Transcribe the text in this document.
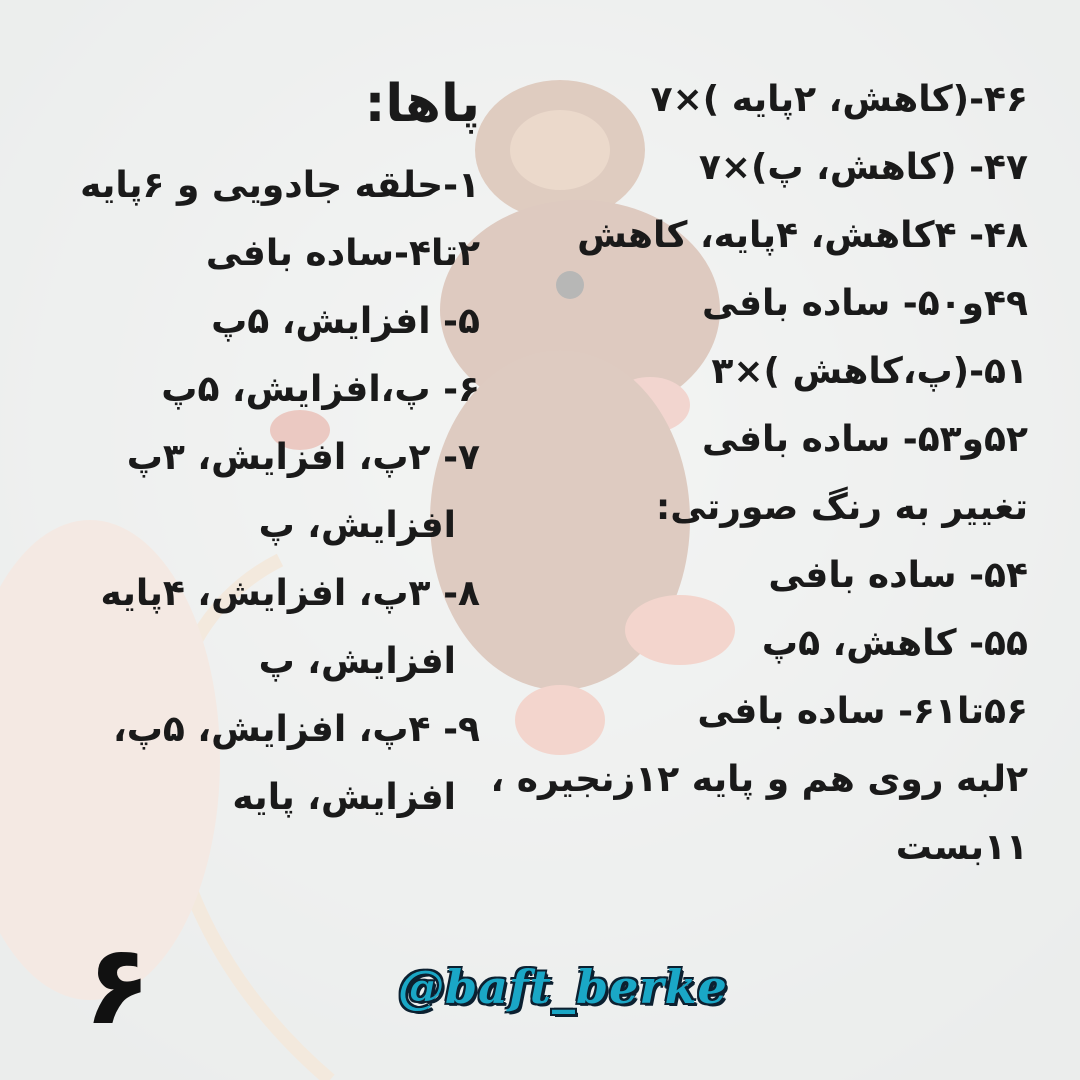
۴۶-(کاهش، ۲پایه )×۷
۴۷- (کاهش، پ)×۷
۴۸- ۴کاهش، ۴پایه، کاهش
۴۹و۵۰- ساده بافی
۵۱-(پ،کاهش )×۳
۵۲و۵۳- ساده بافی
تغییر به رنگ صورتی:
۵۴- ساده بافی
۵۵- کاهش، ۵پ
۵۶تا۶۱- ساده بافی
۲لبه روی هم و پایه ۱۲زنجیره ،
۱۱بست
پاها:
۱-حلقه جادویی و ۶پایه
۲تا۴-ساده بافی
۵- افزایش، ۵پ
۶- پ،افزایش، ۵پ
۷- ۲پ، افزایش، ۳پ
افزایش، پ
۸- ۳پ، افزایش، ۴پایه
افزایش، پ
۹- ۴پ، افزایش، ۵پ،
افزایش، پایه
۶	@baft_berke
